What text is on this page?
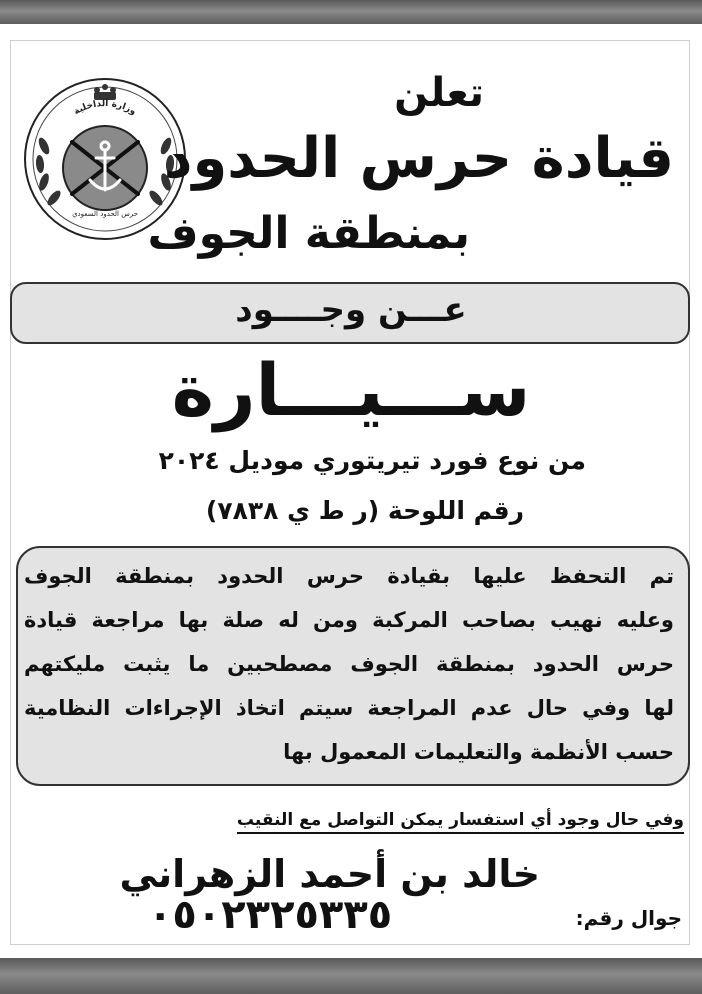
وزارة الداخلية
حرس الحدود السعودي
تعلن
قيادة حرس الحدود
بمنطقة الجوف
عـــن وجــــود
ســـيـــارة
من نوع فورد تيريتوري موديل ٢٠٢٤
رقم اللوحة (ر ط ي ٧٨٣٨)
تم التحفظ عليها بقيادة حرس الحدود بمنطقة الجوف
وعليه نهيب بصاحب المركبة ومن له صلة بها مراجعة قيادة
حرس الحدود بمنطقة الجوف مصطحبين ما يثبت مليكتهم
لها وفي حال عدم المراجعة سيتم اتخاذ الإجراءات النظامية
حسب الأنظمة والتعليمات المعمول بها
وفي حال وجود أي استفسار يمكن التواصل مع النقيب
خالد بن أحمد الزهراني
جوال رقم:
٠٥٠٢٣٢٥٣٣٥
